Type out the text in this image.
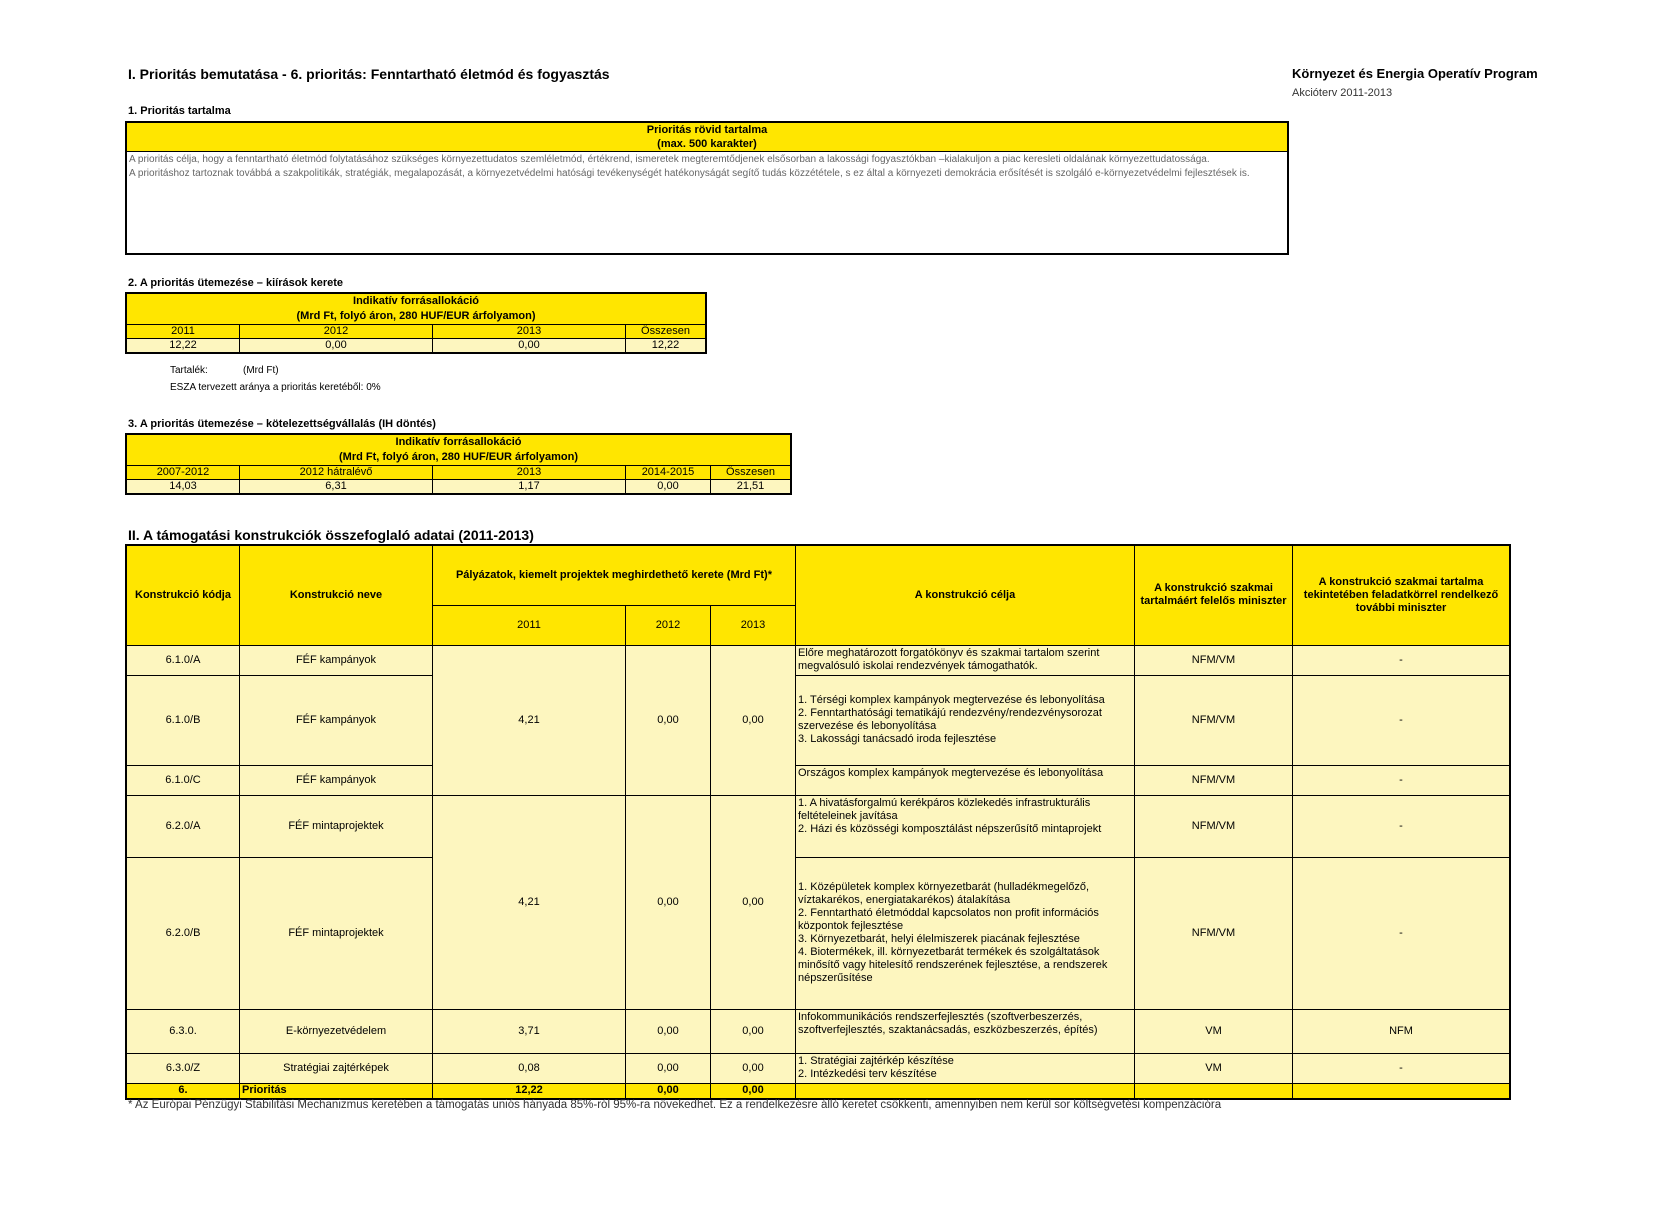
I. Prioritás bemutatása - 6. prioritás: Fenntartható életmód és fogyasztás	Környezet és Energia Operatív Program
Akcióterv 2011-2013
1. Prioritás tartalma
Prioritás rövid tartalma
(max. 500 karakter)
A prioritás célja, hogy a fenntartható életmód folytatásához szükséges környezettudatos szemléletmód, értékrend, ismeretek megteremtődjenek elsősorban a lakossági fogyasztókban –kialakuljon a piac keresleti oldalának környezettudatossága.
A prioritáshoz tartoznak továbbá a szakpolitikák, stratégiák, megalapozását, a környezetvédelmi hatósági tevékenységét hatékonyságát segítő tudás közzététele, s ez által a környezeti demokrácia erősítését is szolgáló e-környezetvédelmi fejlesztések is.
2. A prioritás ütemezése – kiírások kerete
Indikatív forrásallokáció
(Mrd Ft, folyó áron, 280 HUF/EUR árfolyamon)			

2011	2012	2013	Összesen
12,22	0,00	0,00	12,22
Tartalék:	(Mrd Ft)
ESZA tervezett aránya a prioritás keretéből: 0%
3. A prioritás ütemezése – kötelezettségvállalás (IH döntés)
Indikatív forrásallokáció
(Mrd Ft, folyó áron, 280 HUF/EUR árfolyamon)				

2007-2012	2012 hátralévő	2013	2014-2015	Összesen
14,03	6,31	1,17	0,00	21,51
II. A támogatási konstrukciók összefoglaló adatai (2011-2013)
Konstrukció kódja	Konstrukció neve	Pályázatok, kiemelt projektek meghirdethető kerete (Mrd Ft)*			A konstrukció célja	A konstrukció szakmai tartalmáért felelős miniszter	A konstrukció szakmai tartalma tekintetében feladatkörrel rendelkező további miniszter
		2011	2012	2013			
6.1.0/A	FÉF kampányok	4,21	0,00	0,00	Előre meghatározott forgatókönyv és szakmai tartalom szerint megvalósuló iskolai rendezvények támogathatók.	NFM/VM	-
6.1.0/B	FÉF kampányok				1. Térségi komplex kampányok megtervezése és lebonyolítása
2. Fenntarthatósági tematikájú rendezvény/rendezvénysorozat szervezése és lebonyolítása
3. Lakossági tanácsadó iroda fejlesztése	NFM/VM	-
6.1.0/C	FÉF kampányok				Országos komplex kampányok megtervezése és lebonyolítása	NFM/VM	-
6.2.0/A	FÉF mintaprojektek	4,21	0,00	0,00	1. A hivatásforgalmú kerékpáros közlekedés infrastrukturális feltételeinek javítása
2. Házi és közösségi komposztálást népszerűsítő mintaprojekt	NFM/VM	-
6.2.0/B	FÉF mintaprojektek				1. Középületek komplex környezetbarát (hulladékmegelőző, víztakarékos, energiatakarékos) átalakítása
2. Fenntartható életmóddal kapcsolatos non profit információs központok fejlesztése
3. Környezetbarát, helyi élelmiszerek piacának fejlesztése
4. Biotermékek, ill. környezetbarát termékek és szolgáltatások minősítő vagy hitelesítő rendszerének fejlesztése, a rendszerek népszerűsítése	NFM/VM	-
6.3.0.	E-környezetvédelem	3,71	0,00	0,00	Infokommunikációs rendszerfejlesztés (szoftverbeszerzés, szoftverfejlesztés, szaktanácsadás, eszközbeszerzés, építés)	VM	NFM
6.3.0/Z	Stratégiai zajtérképek	0,08	0,00	0,00	1. Stratégiai zajtérkép készítése
2. Intézkedési terv készítése	VM	-
6.	Prioritás	12,22	0,00	0,00			
* Az Európai Pénzügyi Stabilitási Mechanizmus keretében a támogatás uniós hányada 85%-ról 95%-ra növekedhet. Ez a rendelkezésre álló keretet csökkenti, amennyiben nem kerül sor költségvetési kompenzációra
